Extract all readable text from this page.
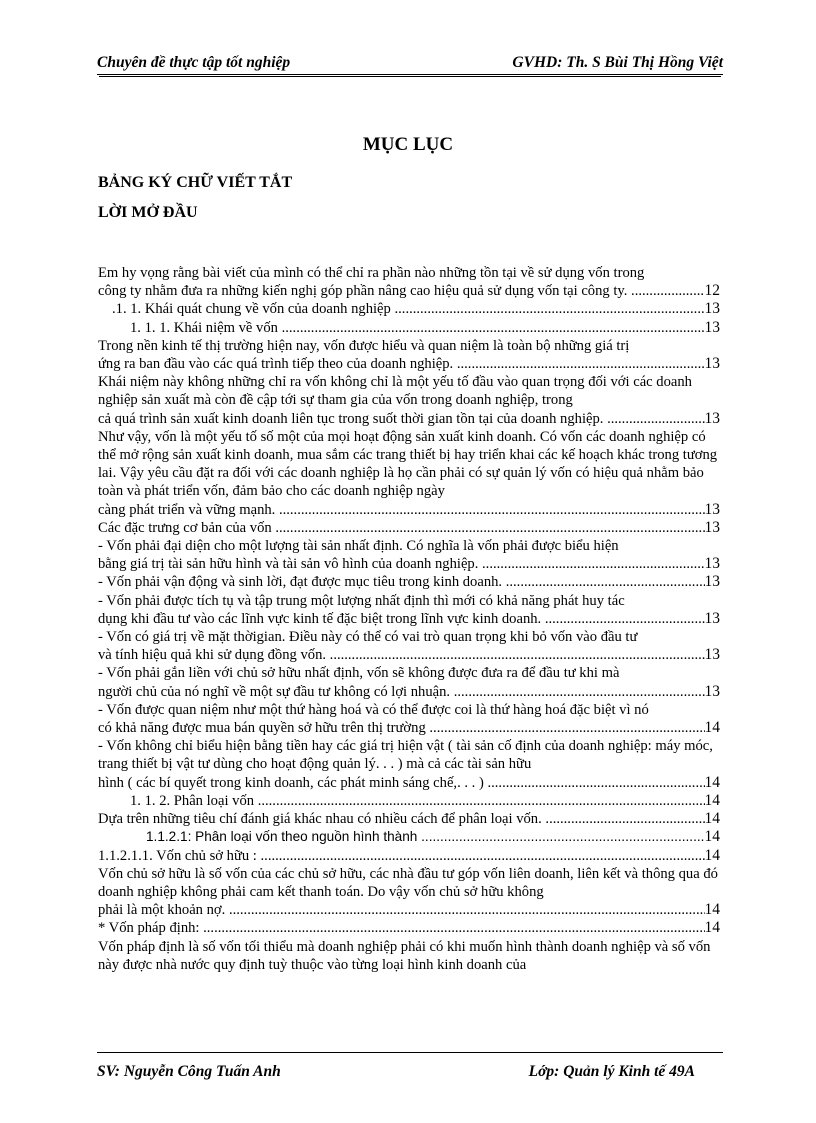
Chuyên đề thực tập tốt nghiệp	GVHD: Th. S Bùi Thị Hồng Việt
MỤC LỤC
BẢNG KÝ CHỮ VIẾT TẮT
LỜI MỞ ĐẦU
Em hy vọng rằng bài viết của mình có thể chỉ ra phần nào những tồn tại về sử dụng vốn trong
công ty nhằm đưa ra những kiến nghị góp phần nâng cao hiệu quả sử dụng vốn tại công ty. .....	12
.1. 1. Khái quát chung về vốn của doanh nghiệp .....	13
1. 1. 1. Khái niệm về vốn .....	13
Trong nền kinh tế thị trường hiện nay, vốn được hiểu và quan niệm là toàn bộ những giá trị
ứng ra ban đầu vào các quá trình tiếp theo của doanh nghiệp. .....	13
Khái niệm này không những chỉ ra vốn không chỉ là một yếu tố đầu vào quan trọng đối với các doanh nghiệp sản xuất mà còn đề cập tới sự tham gia của vốn trong doanh nghiệp, trong
cả quá trình sản xuất kinh doanh liên tục trong suốt thời gian tồn tại của doanh nghiệp. .....	13
Như vậy, vốn là một yếu tố số một của mọi hoạt động sản xuất kinh doanh. Có vốn các doanh nghiệp có thể mở rộng sản xuất kinh doanh, mua sắm các trang thiết bị hay triển khai các kế hoạch khác trong tương lai. Vậy yêu cầu đặt ra đối với các doanh nghiệp là họ cần phải có sự quản lý vốn có hiệu quả nhằm bảo toàn và phát triển vốn, đảm bảo cho các doanh nghiệp ngày
càng phát triển và vững mạnh. .....	13
Các đặc trưng cơ bản của vốn .....	13
- Vốn phải đại diện cho một lượng tài sản nhất định. Có nghĩa là vốn phải được biểu hiện
bằng giá trị tài sản hữu hình và tài sản vô hình của doanh nghiệp. .....	13
- Vốn phải vận động và sinh lời, đạt được mục tiêu trong kinh doanh. .....	13
- Vốn phải được tích tụ và tập trung một lượng nhất định thì mới có khả năng phát huy tác
dụng khi đầu tư vào các lĩnh vực kinh tế đặc biệt trong lĩnh vực kinh doanh. .....	13
- Vốn có giá trị về mặt thờigian. Điều này có thể có vai trò quan trọng khi bỏ vốn vào đầu tư
và tính hiệu quả khi sử dụng đồng vốn. .....	13
- Vốn phải gắn liền với chủ sở hữu nhất định, vốn sẽ không được đưa ra để đầu tư khi mà
người chủ của nó nghĩ về một sự đầu tư không có lợi nhuận. .....	13
- Vốn được quan niệm như một thứ hàng hoá và có thể được coi là thứ hàng hoá đặc biệt vì nó
có khả năng được mua bán quyền sở hữu trên thị trường .....	14
- Vốn không chỉ biểu hiện bằng tiền hay các giá trị hiện vật ( tài sản cố định của doanh nghiệp: máy móc, trang thiết bị vật tư dùng cho hoạt động quản lý. . . ) mà cả các tài sản hữu
hình ( các bí quyết trong kinh doanh, các phát minh sáng chế,. . . ) .....	14
1. 1. 2. Phân loại vốn .....	14
Dựa trên những tiêu chí đánh giá khác nhau có nhiều cách để phân loại vốn. .....	14
1.1.2.1: Phân loại vốn theo nguồn hình thành .....	14
1.1.2.1.1. Vốn chủ sở hữu : .....	14
Vốn chủ sở hữu là số vốn của các chủ sở hữu, các nhà đầu tư góp vốn liên doanh, liên kết và thông qua đó doanh nghiệp không phải cam kết thanh toán. Do vậy vốn chủ sở hữu không
phải là một khoản nợ. .....	14
* Vốn pháp định: .....	14
Vốn pháp định là số vốn tối thiểu mà doanh nghiệp phải có khi muốn hình thành doanh nghiệp và số vốn này được nhà nước quy định tuỳ thuộc vào từng loại hình kinh doanh của
SV: Nguyễn Công Tuấn Anh	Lớp: Quản lý Kinh tế 49A
